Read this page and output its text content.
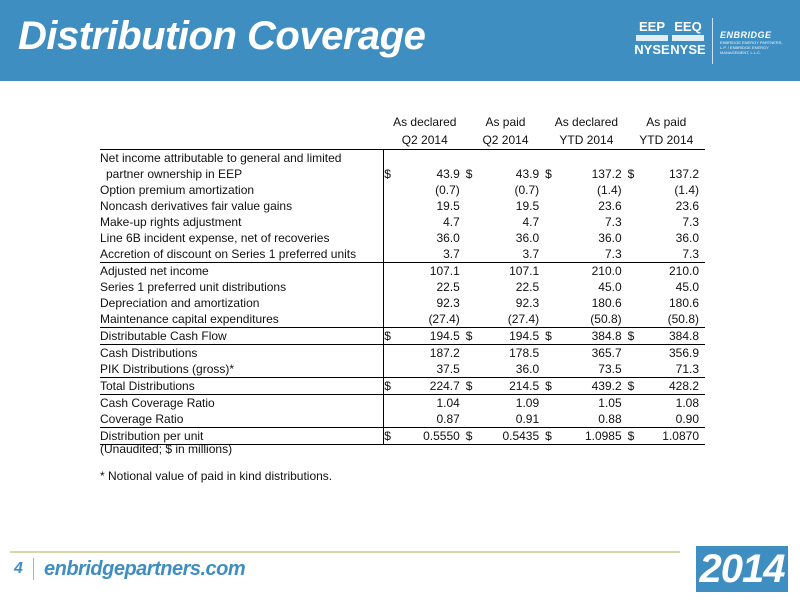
Distribution Coverage	EEP
NYSE
EEQ
NYSE
ENBRIDGE
ENBRIDGE ENERGY PARTNERS, L.P. / ENBRIDGE ENERGY MANAGEMENT, L.L.C.
	As declared		As paid		As declared		As paid	
	Q2 2014		Q2 2014		YTD 2014		YTD 2014	
Net income attributable to general and limited								
partner ownership in EEP	$	43.9	$	43.9	$	137.2	$	137.2
Option premium amortization		(0.7)		(0.7)		(1.4)		(1.4)
Noncash derivatives fair value gains		19.5		19.5		23.6		23.6
Make-up rights adjustment		4.7		4.7		7.3		7.3
Line 6B incident expense, net of recoveries		36.0		36.0		36.0		36.0
Accretion of discount on Series 1 preferred units		3.7		3.7		7.3		7.3
Adjusted net income		107.1		107.1		210.0		210.0
Series 1 preferred unit distributions		22.5		22.5		45.0		45.0
Depreciation and amortization		92.3		92.3		180.6		180.6
Maintenance capital expenditures		(27.4)		(27.4)		(50.8)		(50.8)
Distributable Cash Flow	$	194.5	$	194.5	$	384.8	$	384.8
Cash Distributions		187.2		178.5		365.7		356.9
PIK Distributions (gross)*		37.5		36.0		73.5		71.3
Total Distributions	$	224.7	$	214.5	$	439.2	$	428.2
Cash Coverage Ratio		1.04		1.09		1.05		1.08
Coverage Ratio		0.87		0.91		0.88		0.90
Distribution per unit	$	0.5550	$	0.5435	$	1.0985	$	1.0870
(Unaudited; $ in millions)
* Notional value of paid in kind distributions.
4 enbridgepartners.com	2014
